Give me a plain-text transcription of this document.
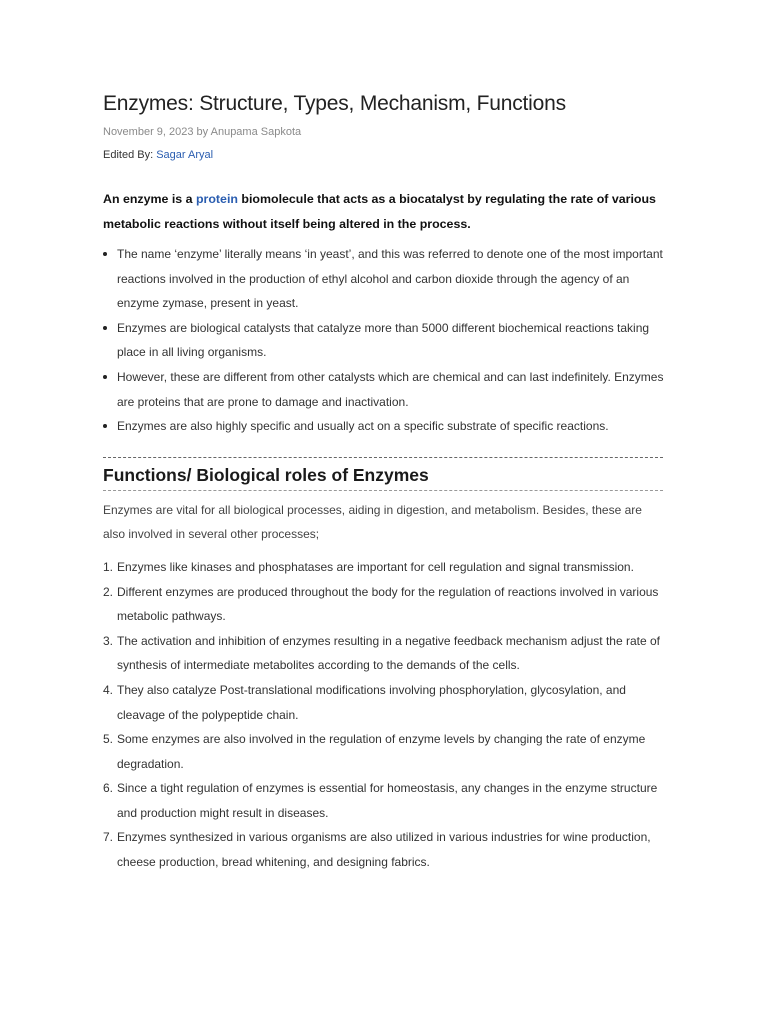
Enzymes: Structure, Types, Mechanism, Functions
November 9, 2023 by Anupama Sapkota
Edited By: Sagar Aryal

An enzyme is a protein biomolecule that acts as a biocatalyst by regulating the rate of various metabolic reactions without itself being altered in the process.

The name ‘enzyme’ literally means ‘in yeast’, and this was referred to denote one of the most important reactions involved in the production of ethyl alcohol and carbon dioxide through the agency of an enzyme zymase, present in yeast.
Enzymes are biological catalysts that catalyze more than 5000 different biochemical reactions taking place in all living organisms.
However, these are different from other catalysts which are chemical and can last indefinitely. Enzymes are proteins that are prone to damage and inactivation.
Enzymes are also highly specific and usually act on a specific substrate of specific reactions.
Functions/ Biological roles of Enzymes

Enzymes are vital for all biological processes, aiding in digestion, and metabolism. Besides, these are also involved in several other processes;

1. Enzymes like kinases and phosphatases are important for cell regulation and signal transmission.
2. Different enzymes are produced throughout the body for the regulation of reactions involved in various metabolic pathways.
3. The activation and inhibition of enzymes resulting in a negative feedback mechanism adjust the rate of synthesis of intermediate metabolites according to the demands of the cells.
4. They also catalyze Post-translational modifications involving phosphorylation, glycosylation, and cleavage of the polypeptide chain.
5. Some enzymes are also involved in the regulation of enzyme levels by changing the rate of enzyme degradation.
6. Since a tight regulation of enzymes is essential for homeostasis, any changes in the enzyme structure and production might result in diseases.
7. Enzymes synthesized in various organisms are also utilized in various industries for wine production, cheese production, bread whitening, and designing fabrics.
